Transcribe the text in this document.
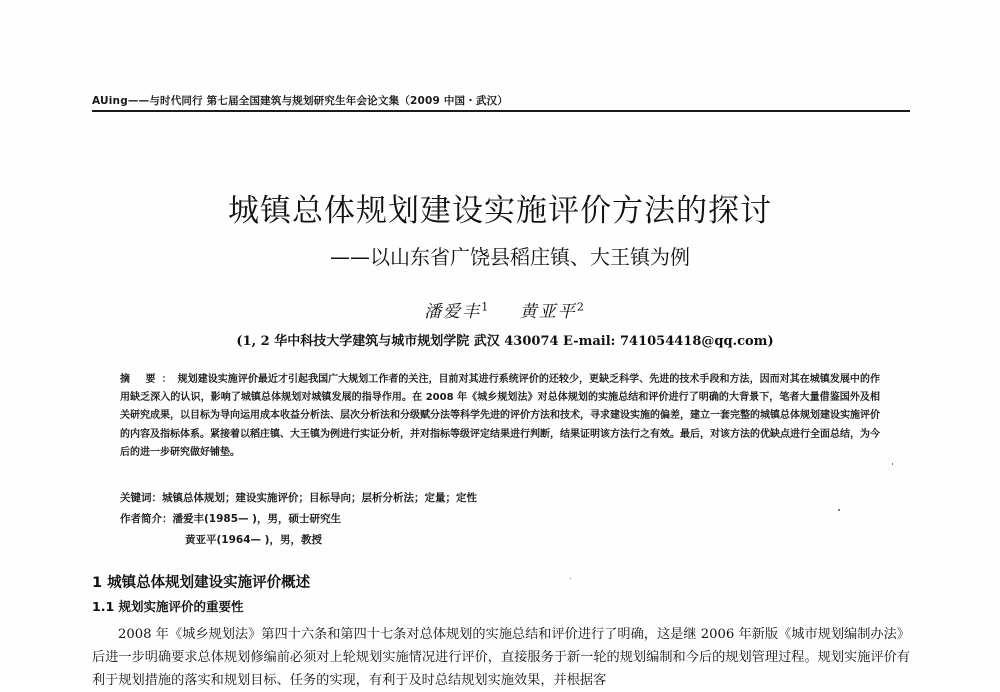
AUing——与时代同行 第七届全国建筑与规划研究生年会论文集（2009 中国・武汉）
城镇总体规划建设实施评价方法的探讨
——以山东省广饶县稻庄镇、大王镇为例
潘爱丰$^1$ 黄亚平$^2$
(1, 2 华中科技大学建筑与城市规划学院 武汉 430074 E-mail: 741054418@qq.com)
摘 要：规划建设实施评价最近才引起我国广大规划工作者的关注，目前对其进行系统评价的还较少，更缺乏科学、先进的技术手段和方法，因而对其在城镇发展中的作用缺乏深入的认识，影响了城镇总体规划对城镇发展的指导作用。在 2008 年《城乡规划法》对总体规划的实施总结和评价进行了明确的大背景下，笔者大量借鉴国外及相关研究成果，以目标为导向运用成本收益分析法、层次分析法和分级赋分法等科学先进的评价方法和技术，寻求建设实施的偏差，建立一套完整的城镇总体规划建设实施评价的内容及指标体系。紧接着以稻庄镇、大王镇为例进行实证分析，并对指标等级评定结果进行判断，结果证明该方法行之有效。最后，对该方法的优缺点进行全面总结，为今后的进一步研究做好铺垫。
关键词：城镇总体规划；建设实施评价；目标导向；层析分析法；定量；定性
作者简介：潘爱丰(1985— )，男，硕士研究生
黄亚平(1964— )，男，教授
1 城镇总体规划建设实施评价概述
1.1 规划实施评价的重要性
2008 年《城乡规划法》第四十六条和第四十七条对总体规划的实施总结和评价进行了明确，这是继 2006 年新版《城市规划编制办法》后进一步明确要求总体规划修编前必须对上轮规划实施情况进行评价，直接服务于新一轮的规划编制和今后的规划管理过程。规划实施评价有利于规划措施的落实和规划目标、任务的实现，有利于及时总结规划实施效果，并根据客
